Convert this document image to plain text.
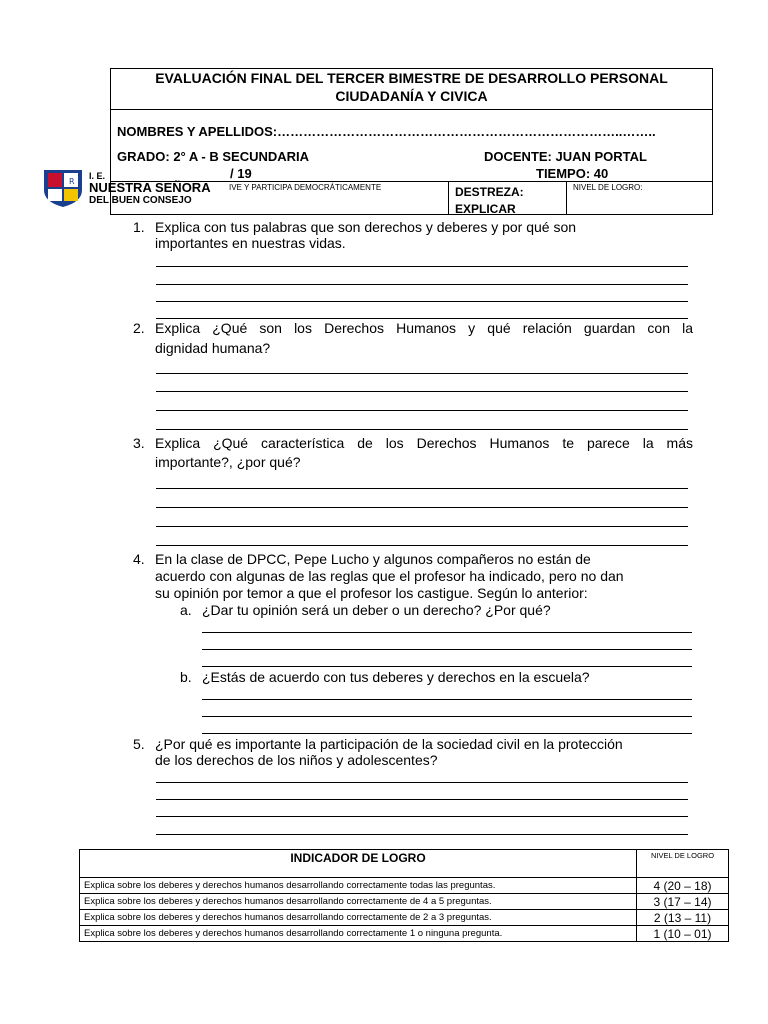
EVALUACIÓN FINAL DEL TERCER BIMESTRE DE DESARROLLO PERSONAL
CIUDADANÍA Y CIVICA
NOMBRES Y APELLIDOS:……………………………………………………………………..……..
GRADO: 2° A - B SECUNDARIA	DOCENTE: JUAN PORTAL
/ 19	TIEMPO: 40
IVE Y PARTICIPA DEMOCRÁTICAMENTE	DESTREZA:
EXPLICAR
NIVEL DE LOGRO:
R
I. E.
NUESTRA SEÑORA
DEL BUEN CONSEJO
1. Explica con tus palabras que son derechos y deberes y por qué son
importantes en nuestras vidas.
2. Explica ¿Qué son los Derechos Humanos y qué relación guardan con la
dignidad humana?
3. Explica ¿Qué característica de los Derechos Humanos te parece la más
importante?, ¿por qué?
4. En la clase de DPCC, Pepe Lucho y algunos compañeros no están de
acuerdo con algunas de las reglas que el profesor ha indicado, pero no dan
su opinión por temor a que el profesor los castigue. Según lo anterior:
a. ¿Dar tu opinión será un deber o un derecho? ¿Por qué?
b. ¿Estás de acuerdo con tus deberes y derechos en la escuela?
5. ¿Por qué es importante la participación de la sociedad civil en la protección
de los derechos de los niños y adolescentes?
INDICADOR DE LOGRO	NIVEL DE LOGRO
Explica sobre los deberes y derechos humanos desarrollando correctamente todas las preguntas.	4 (20 – 18)
Explica sobre los deberes y derechos humanos desarrollando correctamente de 4 a 5 preguntas.	3 (17 – 14)
Explica sobre los deberes y derechos humanos desarrollando correctamente de 2 a 3 preguntas.	2 (13 – 11)
Explica sobre los deberes y derechos humanos desarrollando correctamente 1 o ninguna pregunta.	1 (10 – 01)
